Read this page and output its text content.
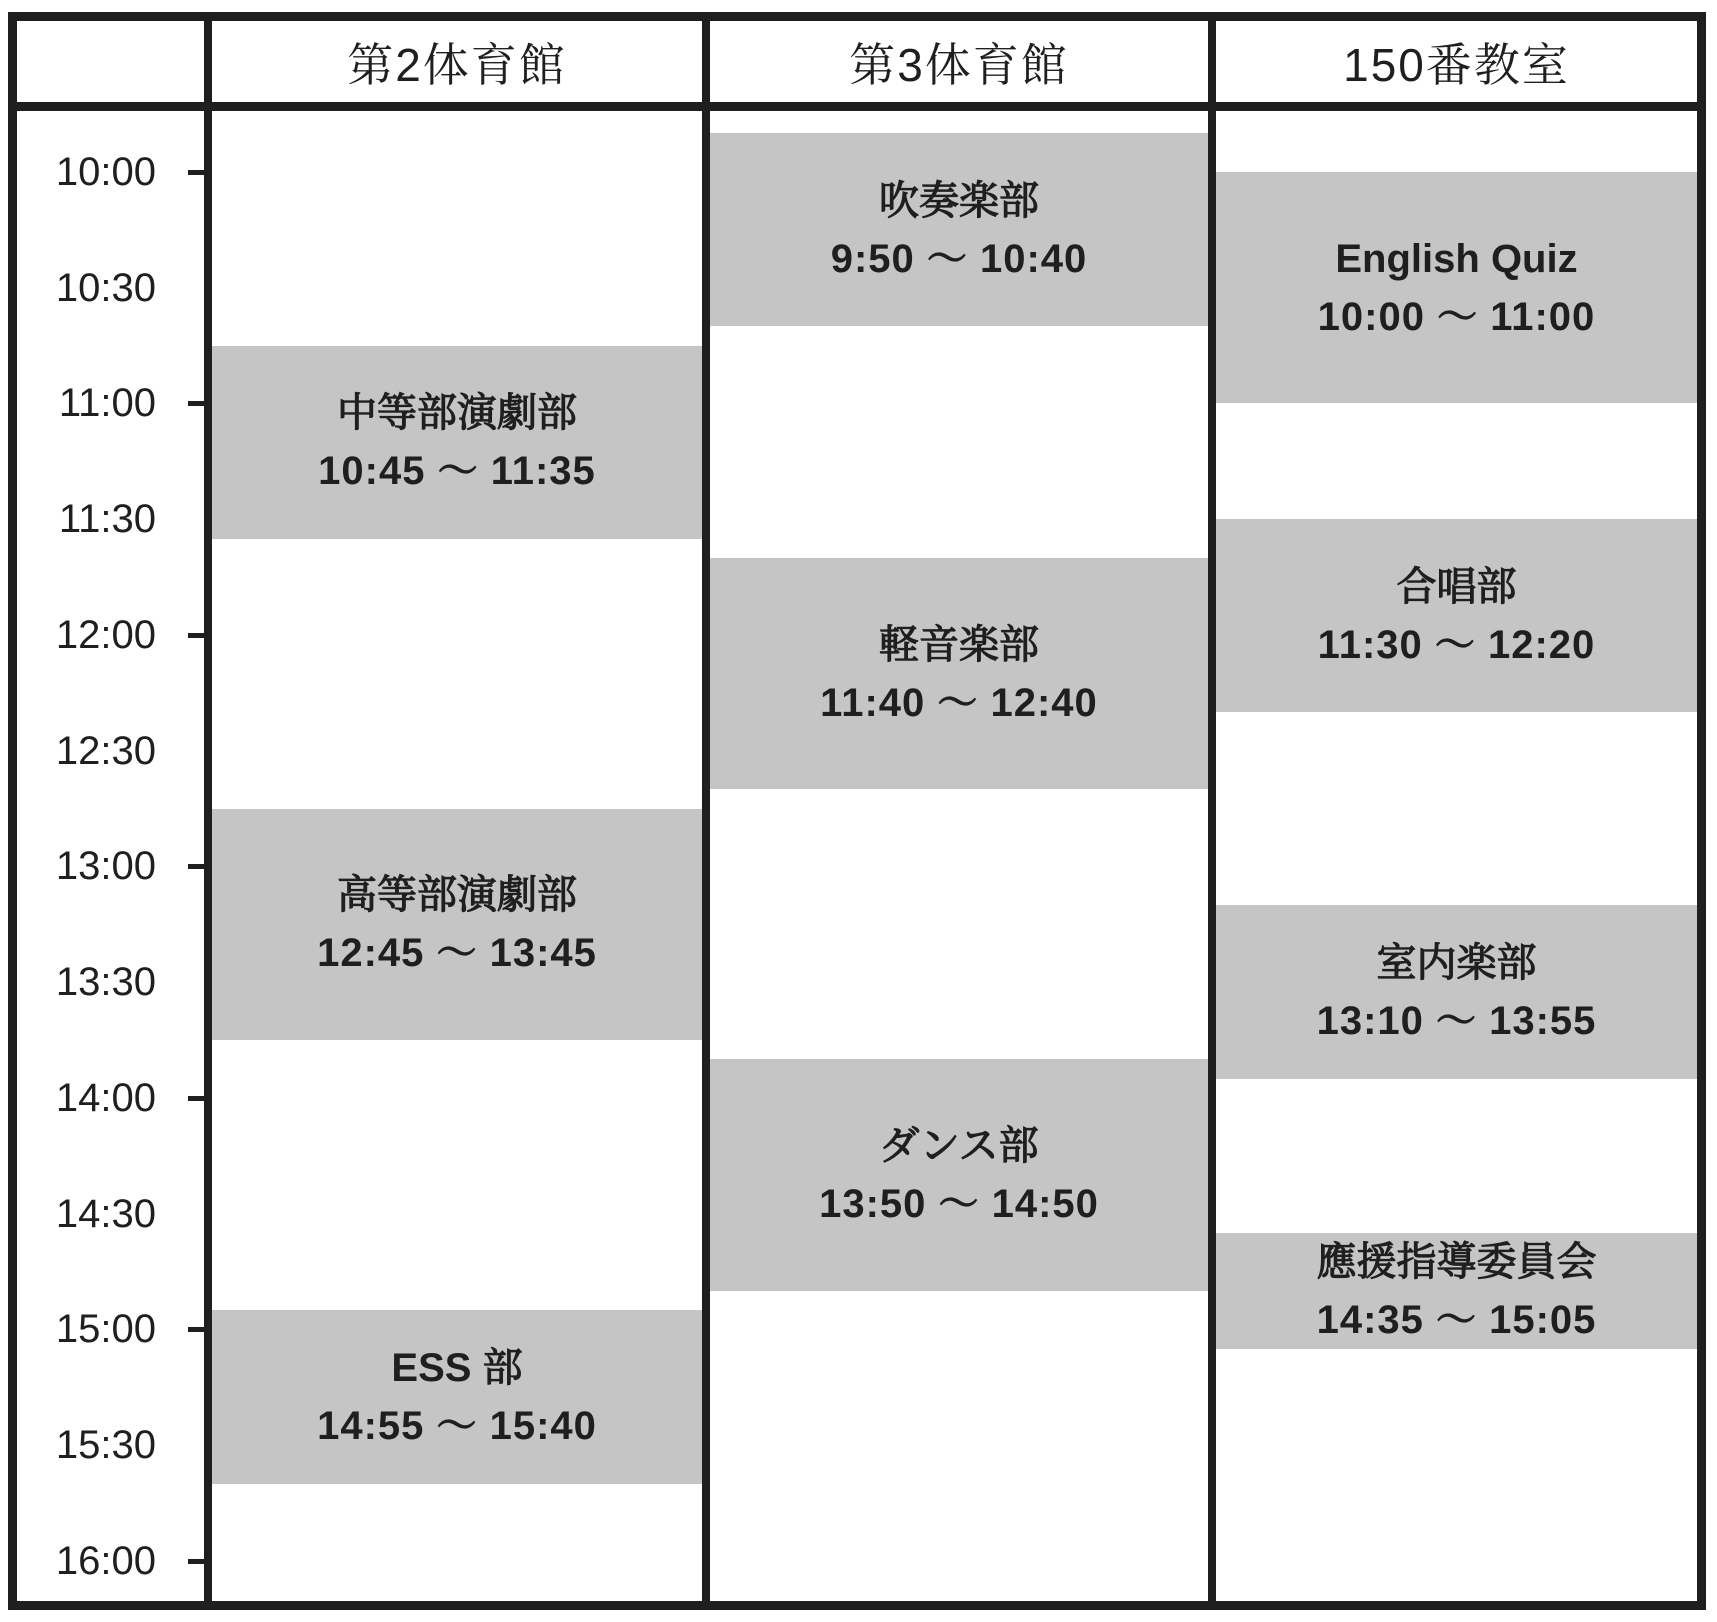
第2体育館	第3体育館	150番教室
10:00
10:30
11:00
11:30
12:00
12:30
13:00
13:30
14:00
14:30
15:00
15:30
16:00
中等部演劇部
10:45 ～ 11:35
高等部演劇部
12:45 ～ 13:45
ESS 部
14:55 ～ 15:40
吹奏楽部
9:50 ～ 10:40
軽音楽部
11:40 ～ 12:40
ダンス部
13:50 ～ 14:50
English Quiz
10:00 ～ 11:00
合唱部
11:30 ～ 12:20
室内楽部
13:10 ～ 13:55
應援指導委員会
14:35 ～ 15:05
